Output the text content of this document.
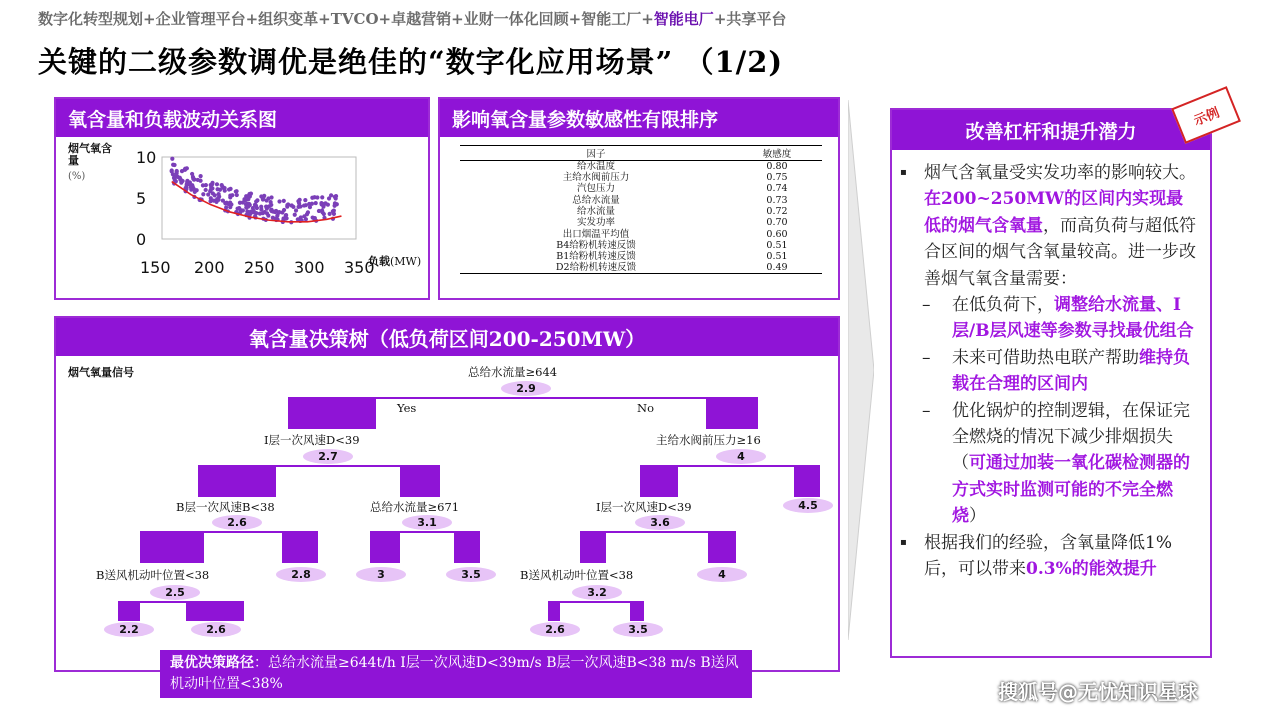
数字化转型规划+企业管理平台+组织变革+TVCO+卓越营销+业财一体化回顾+智能工厂+智能电厂+共享平台
关键的二级参数调优是绝佳的“数字化应用场景” （1/2)
氧含量和负载波动关系图
烟气氧含量
(%)
负载(MW)
10
5
0
150 200 250 300 350
影响氧含量参数敏感性有限排序
因子	敏感度
给水温度	0.80
主给水阀前压力	0.75
汽包压力	0.74
总给水流量	0.73
给水流量	0.72
实发功率	0.70
出口烟温平均值	0.60
B4给粉机转速反馈	0.51
B1给粉机转速反馈	0.51
D2给粉机转速反馈	0.49
氧含量决策树（低负荷区间200-250MW）
烟气氧量信号	总给水流量≥644
2.9
Yes	No
I层一次风速D<39
2.7
主给水阀前压力≥16
4
B层一次风速B<38
2.6
总给水流量≥671
3.1
I层一次风速D<39
3.6
4.5
B送风机动叶位置<38
2.5
2.8	3	3.5	B送风机动叶位置<38
3.2
4
2.2	2.6	2.6	3.5
最优决策路径：总给水流量≥644t/h I层一次风速D<39m/s B层一次风速B<38 m/s B送风机动叶位置<38%
改善杠杆和提升潜力
▪	烟气含氧量受实发功率的影响较大。在200~250MW的区间内实现最低的烟气含氧量，而高负荷与超低符合区间的烟气含氧量较高。进一步改善烟气氧含量需要：
–	在低负荷下，调整给水流量、I层/B层风速等参数寻找最优组合
–	未来可借助热电联产帮助维持负载在合理的区间内
–	优化锅炉的控制逻辑，在保证完全燃烧的情况下减少排烟损失（可通过加装一氧化碳检测器的方式实时监测可能的不完全燃烧）
▪	根据我们的经验，含氧量降低1%后，可以带来0.3%的能效提升
示例
搜狐号@无忧知识星球
